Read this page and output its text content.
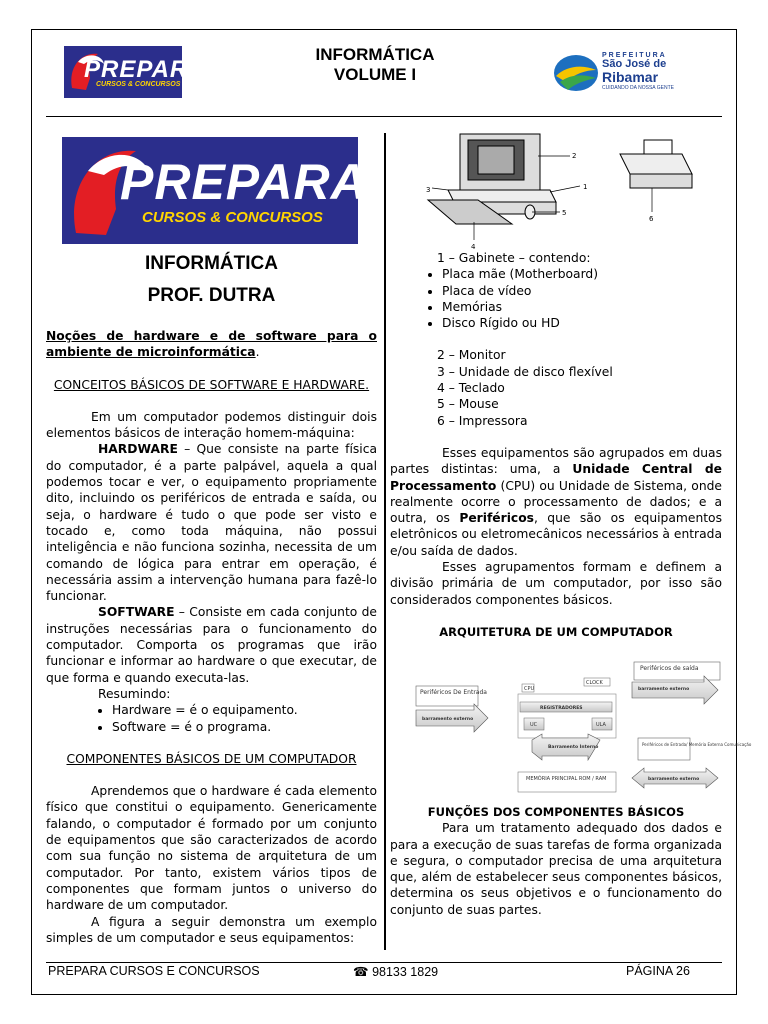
PREPARA
CURSOS & CONCURSOS
INFORMÁTICA
VOLUME I
PREFEITURA
São José de
Ribamar
CUIDANDO DA NOSSA GENTE
PREPARA
CURSOS & CONCURSOS
INFORMÁTICA
PROF. DUTRA

Noções de hardware e de software para o ambiente de microinformática.

CONCEITOS BÁSICOS DE SOFTWARE E HARDWARE.

Em um computador podemos distinguir dois elementos básicos de interação homem-máquina:

HARDWARE – Que consiste na parte física do computador, é a parte palpável, aquela a qual podemos tocar e ver, o equipamento propriamente dito, incluindo os periféricos de entrada e saída, ou seja, o hardware é tudo o que pode ser visto e tocado e, como toda máquina, não possui inteligência e não funciona sozinha, necessita de um comando de lógica para entrar em operação, é necessária assim a intervenção humana para fazê-lo funcionar.

SOFTWARE – Consiste em cada conjunto de instruções necessárias para o funcionamento do computador. Comporta os programas que irão funcionar e informar ao hardware o que executar, de que forma e quando executa-las.

Resumindo:

• Hardware = é o equipamento.
• Software = é o programa.

COMPONENTES BÁSICOS DE UM COMPUTADOR

Aprendemos que o hardware é cada elemento físico que constitui o equipamento. Genericamente falando, o computador é formado por um conjunto de equipamentos que são caracterizados de acordo com sua função no sistema de arquitetura de um computador. Por tanto, existem vários tipos de componentes que formam juntos o universo do hardware de um computador.

A figura a seguir demonstra um exemplo simples de um computador e seus equipamentos:

2
1
3
4
5
6

1 – Gabinete – contendo:

• Placa mãe (Motherboard)
• Placa de vídeo
• Memórias
• Disco Rígido ou HD

2 – Monitor

3 – Unidade de disco flexível

4 – Teclado

5 – Mouse

6 – Impressora

Esses equipamentos são agrupados em duas partes distintas: uma, a Unidade Central de Processamento (CPU) ou Unidade de Sistema, onde realmente ocorre o processamento de dados; e a outra, os Periféricos, que são os equipamentos eletrônicos ou eletromecânicos necessários à entrada e/ou saída de dados.

Esses agrupamentos formam e definem a divisão primária de um computador, por isso são considerados componentes básicos.

ARQUITETURA DE UM COMPUTADOR

Periféricos De Entrada
barramento externo
CPU
CLOCK
REGISTRADORES
UC	ULA
Barramento Interno
MEMÓRIA PRINCIPAL ROM / RAM
Periféricos de saída
barramento externo
Periféricos de Entrada/ Memória Externa Comunicação
barramento externo

FUNÇÕES DOS COMPONENTES BÁSICOS

Para um tratamento adequado dos dados e para a execução de suas tarefas de forma organizada e segura, o computador precisa de uma arquitetura que, além de estabelecer seus componentes básicos, determina os seus objetivos e o funcionamento do conjunto de suas partes.

PREPARA CURSOS E CONCURSOS	☎ 98133 1829	PÁGINA 26
